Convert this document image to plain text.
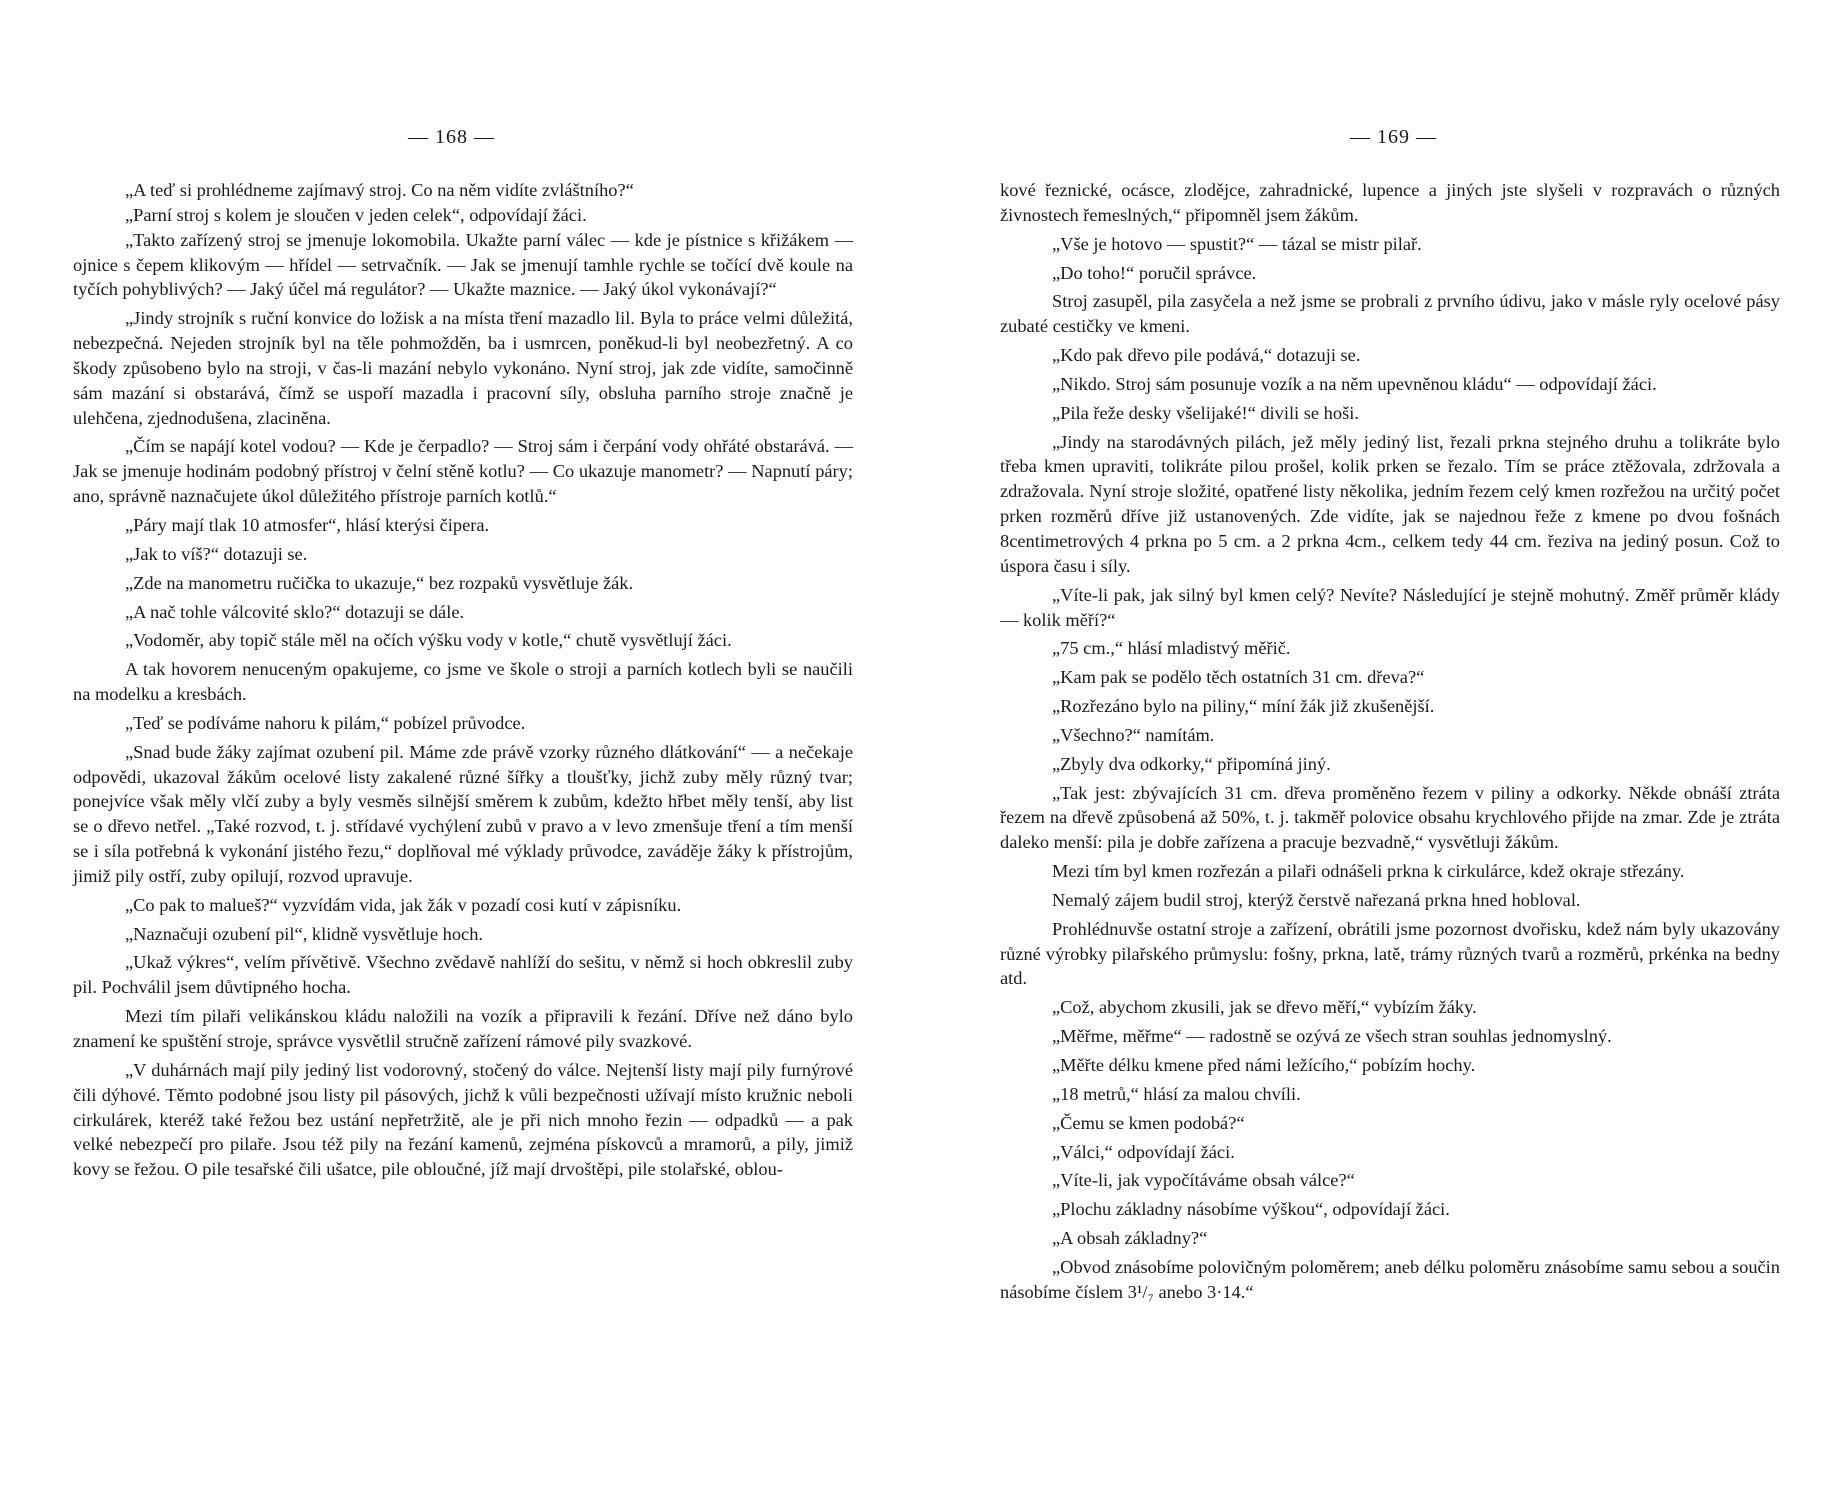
— 168 —

„A teď si prohlédneme zajímavý stroj. Co na něm vidíte zvláštního?“

„Parní stroj s kolem je sloučen v jeden celek“, odpovídají žáci.

„Takto zařízený stroj se jmenuje lokomobila. Ukažte parní válec — kde je pístnice s křižákem — ojnice s čepem klikovým — hřídel — setrvačník. — Jak se jmenují tamhle rychle se točící dvě koule na tyčích pohyblivých? — Jaký účel má regulátor? — Ukažte maznice. — Jaký úkol vykonávají?“

„Jindy strojník s ruční konvice do ložisk a na místa tření mazadlo lil. Byla to práce velmi důležitá, nebezpečná. Nejeden strojník byl na těle pohmožděn, ba i usmrcen, poněkud-li byl neobezřetný. A co škody způsobeno bylo na stroji, v čas-li mazání nebylo vykonáno. Nyní stroj, jak zde vidíte, samočinně sám mazání si obstarává, čímž se uspoří mazadla i pracovní síly, obsluha parního stroje značně je ulehčena, zjednodušena, zlaciněna.

„Čím se napájí kotel vodou? — Kde je čerpadlo? — Stroj sám i čerpání vody ohřáté obstarává. — Jak se jmenuje hodinám podobný přístroj v čelní stěně kotlu? — Co ukazuje manometr? — Napnutí páry; ano, správně naznačujete úkol důležitého přístroje parních kotlů.“

„Páry mají tlak 10 atmosfer“, hlásí kterýsi čipera.

„Jak to víš?“ dotazuji se.

„Zde na manometru ručička to ukazuje,“ bez rozpaků vysvětluje žák.

„A nač tohle válcovité sklo?“ dotazuji se dále.

„Vodoměr, aby topič stále měl na očích výšku vody v kotle,“ chutě vysvětlují žáci.

A tak hovorem nenuceným opakujeme, co jsme ve škole o stroji a parních kotlech byli se naučili na modelku a kresbách.

„Teď se podíváme nahoru k pilám,“ pobízel průvodce.

„Snad bude žáky zajímat ozubení pil. Máme zde právě vzorky různého dlátkování“ — a nečekaje odpovědi, ukazoval žákům ocelové listy zakalené různé šířky a tloušťky, jichž zuby měly různý tvar; ponejvíce však měly vlčí zuby a byly vesměs silnější směrem k zubům, kdežto hřbet měly tenší, aby list se o dřevo netřel. „Také rozvod, t. j. střídavé vychýlení zubů v pravo a v levo zmenšuje tření a tím menší se i síla potřebná k vykonání jistého řezu,“ doplňoval mé výklady průvodce, zaváděje žáky k přístrojům, jimiž pily ostří, zuby opilují, rozvod upravuje.

„Co pak to malueš?“ vyzvídám vida, jak žák v pozadí cosi kutí v zápisníku.

„Naznačuji ozubení pil“, klidně vysvětluje hoch.

„Ukaž výkres“, velím přívětivě. Všechno zvědavě nahlíží do sešitu, v němž si hoch obkreslil zuby pil. Pochválil jsem důvtipného hocha.

Mezi tím pilaři velikánskou kládu naložili na vozík a připravili k řezání. Dříve než dáno bylo znamení ke spuštění stroje, správce vysvětlil stručně zařízení rámové pily svazkové.

„V duhárnách mají pily jediný list vodorovný, stočený do válce. Nejtenší listy mají pily furnýrové čili dýhové. Těmto podobné jsou listy pil pásových, jichž k vůli bezpečnosti užívají místo kružnic neboli cirkulárek, kteréž také řežou bez ustání nepřetržitě, ale je při nich mnoho řezin — odpadků — a pak velké nebezpečí pro pilaře. Jsou též pily na řezání kamenů, zejména pískovců a mramorů, a pily, jimiž kovy se řežou. O pile tesařské čili ušatce, pile obloučné, jíž mají drvoštěpi, pile stolařské, oblou-

— 169 —

kové řeznické, ocásce, zlodějce, zahradnické, lupence a jiných jste slyšeli v rozpravách o různých živnostech řemeslných,“ připomněl jsem žákům.

„Vše je hotovo — spustit?“ — tázal se mistr pilař.

„Do toho!“ poručil správce.

Stroj zasupěl, pila zasyčela a než jsme se probrali z prvního údivu, jako v másle ryly ocelové pásy zubaté cestičky ve kmeni.

„Kdo pak dřevo pile podává,“ dotazuji se.

„Nikdo. Stroj sám posunuje vozík a na něm upevněnou kládu“ — odpovídají žáci.

„Pila řeže desky všelijaké!“ divili se hoši.

„Jindy na starodávných pilách, jež měly jediný list, řezali prkna stejného druhu a tolikráte bylo třeba kmen upraviti, tolikráte pilou prošel, kolik prken se řezalo. Tím se práce ztěžovala, zdržovala a zdražovala. Nyní stroje složité, opatřené listy několika, jedním řezem celý kmen rozřežou na určitý počet prken rozměrů dříve již ustanovených. Zde vidíte, jak se najednou řeže z kmene po dvou fošnách 8centimetrových 4 prkna po 5 cm. a 2 prkna 4cm., celkem tedy 44 cm. řeziva na jediný posun. Což to úspora času i síly.

„Víte-li pak, jak silný byl kmen celý? Nevíte? Následující je stejně mohutný. Změř průměr klády — kolik měří?“

„75 cm.,“ hlásí mladistvý měřič.

„Kam pak se podělo těch ostatních 31 cm. dřeva?“

„Rozřezáno bylo na piliny,“ míní žák již zkušenější.

„Všechno?“ namítám.

„Zbyly dva odkorky,“ připomíná jiný.

„Tak jest: zbývajících 31 cm. dřeva proměněno řezem v piliny a odkorky. Někde obnáší ztráta řezem na dřevě způsobená až 50%, t. j. takměř polovice obsahu krychlového přijde na zmar. Zde je ztráta daleko menší: pila je dobře zařízena a pracuje bezvadně,“ vysvětluji žákům.

Mezi tím byl kmen rozřezán a pilaři odnášeli prkna k cirkulárce, kdež okraje střezány.

Nemalý zájem budil stroj, kterýž čerstvě nařezaná prkna hned hobloval.

Prohlédnuvše ostatní stroje a zařízení, obrátili jsme pozornost dvořisku, kdež nám byly ukazovány různé výrobky pilařského průmyslu: fošny, prkna, latě, trámy různých tvarů a rozměrů, prkénka na bedny atd.

„Což, abychom zkusili, jak se dřevo měří,“ vybízím žáky.

„Měřme, měřme“ — radostně se ozývá ze všech stran souhlas jednomyslný.

„Měřte délku kmene před námi ležícího,“ pobízím hochy.

„18 metrů,“ hlásí za malou chvíli.

„Čemu se kmen podobá?“

„Válci,“ odpovídají žáci.

„Víte-li, jak vypočítáváme obsah válce?“

„Plochu základny násobíme výškou“, odpovídají žáci.

„A obsah základny?“

„Obvod znásobíme polovičným poloměrem; aneb délku poloměru znásobíme samu sebou a součin násobíme číslem 3¹/₇ anebo 3·14.“
